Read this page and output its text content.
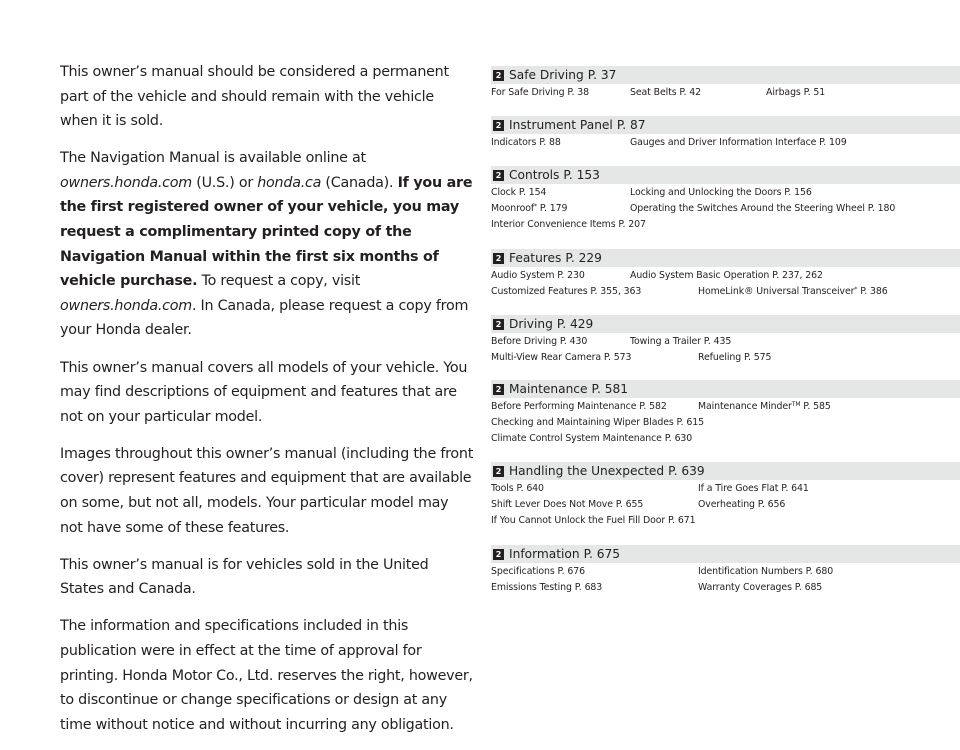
This owner’s manual should be considered a permanent part of the vehicle and should remain with the vehicle when it is sold.

The Navigation Manual is available online at owners.honda.com (U.S.) or honda.ca (Canada). If you are the first registered owner of your vehicle, you may request a complimentary printed copy of the Navigation Manual within the first six months of vehicle purchase. To request a copy, visit owners.honda.com. In Canada, please request a copy from your Honda dealer.

This owner’s manual covers all models of your vehicle. You may find descriptions of equipment and features that are not on your particular model.

Images throughout this owner’s manual (including the front cover) represent features and equipment that are available on some, but not all, models. Your particular model may not have some of these features.

This owner’s manual is for vehicles sold in the United States and Canada.

The information and specifications included in this publication were in effect at the time of approval for printing. Honda Motor Co., Ltd. reserves the right, however, to discontinue or change specifications or design at any time without notice and without incurring any obligation.

2 Safe Driving P. 37
For Safe Driving P. 38	Seat Belts P. 42	Airbags P. 51
2 Instrument Panel P. 87
Indicators P. 88	Gauges and Driver Information Interface P. 109
2 Controls P. 153
Clock P. 154	Locking and Unlocking the Doors P. 156
Moonroof* P. 179	Operating the Switches Around the Steering Wheel P. 180
Interior Convenience Items P. 207
2 Features P. 229
Audio System P. 230	Audio System Basic Operation P. 237, 262
Customized Features P. 355, 363	HomeLink® Universal Transceiver* P. 386
2 Driving P. 429
Before Driving P. 430	Towing a Trailer P. 435
Multi-View Rear Camera P. 573	Refueling P. 575
2 Maintenance P. 581
Before Performing Maintenance P. 582	Maintenance Minder™ P. 585
Checking and Maintaining Wiper Blades P. 615
Climate Control System Maintenance P. 630
2 Handling the Unexpected P. 639
Tools P. 640	If a Tire Goes Flat P. 641
Shift Lever Does Not Move P. 655	Overheating P. 656
If You Cannot Unlock the Fuel Fill Door P. 671
2 Information P. 675
Specifications P. 676	Identification Numbers P. 680
Emissions Testing P. 683	Warranty Coverages P. 685
